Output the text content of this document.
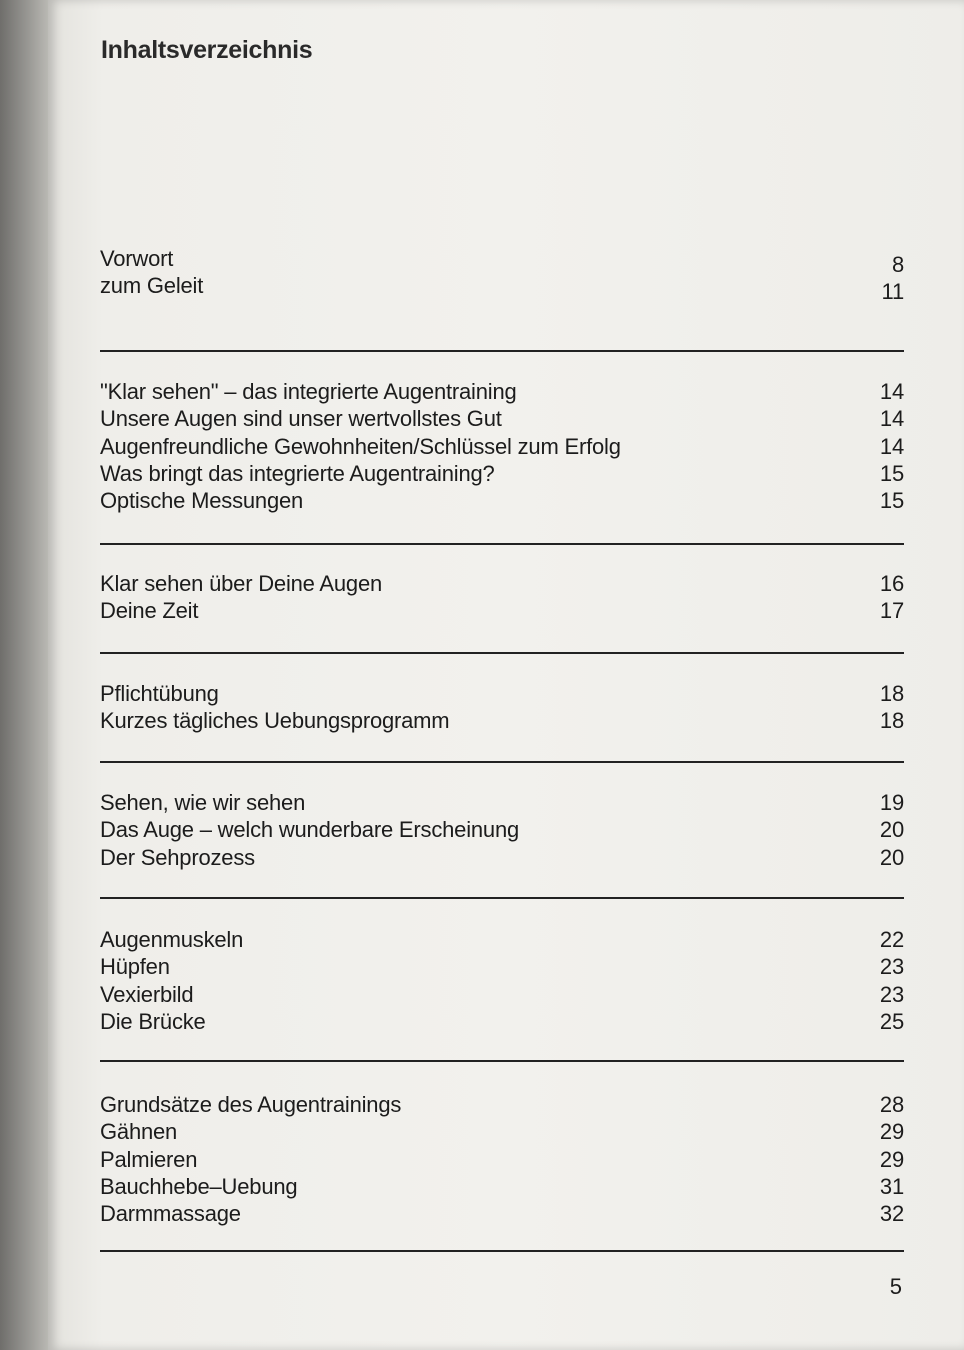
Inhaltsverzeichnis
Vorwort	8
zum Geleit	11
"Klar sehen" – das integrierte Augentraining	14
Unsere Augen sind unser wertvollstes Gut	14
Augenfreundliche Gewohnheiten/Schlüssel zum Erfolg	14
Was bringt das integrierte Augentraining?	15
Optische Messungen	15
Klar sehen über Deine Augen	16
Deine Zeit	17
Pflichtübung	18
Kurzes tägliches Uebungsprogramm	18
Sehen, wie wir sehen	19
Das Auge – welch wunderbare Erscheinung	20
Der Sehprozess	20
Augenmuskeln	22
Hüpfen	23
Vexierbild	23
Die Brücke	25
Grundsätze des Augentrainings	28
Gähnen	29
Palmieren	29
Bauchhebe–Uebung	31
Darmmassage	32
5
